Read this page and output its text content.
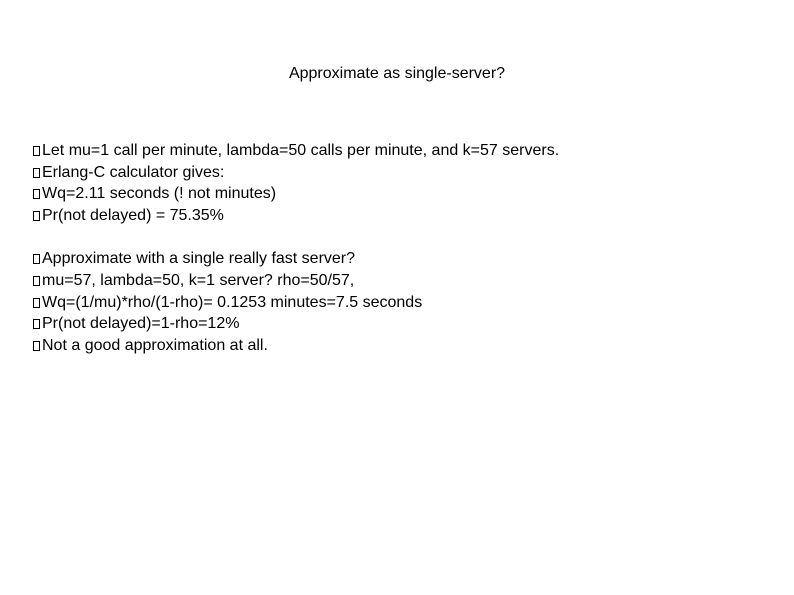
Approximate as single-server?
Let mu=1 call per minute, lambda=50 calls per minute, and k=57 servers.
Erlang-C calculator gives:
Wq=2.11 seconds (! not minutes)
Pr(not delayed) = 75.35%
Approximate with a single really fast server?
mu=57, lambda=50, k=1 server? rho=50/57,
Wq=(1/mu)*rho/(1-rho)= 0.1253 minutes=7.5 seconds
Pr(not delayed)=1-rho=12%
Not a good approximation at all.
